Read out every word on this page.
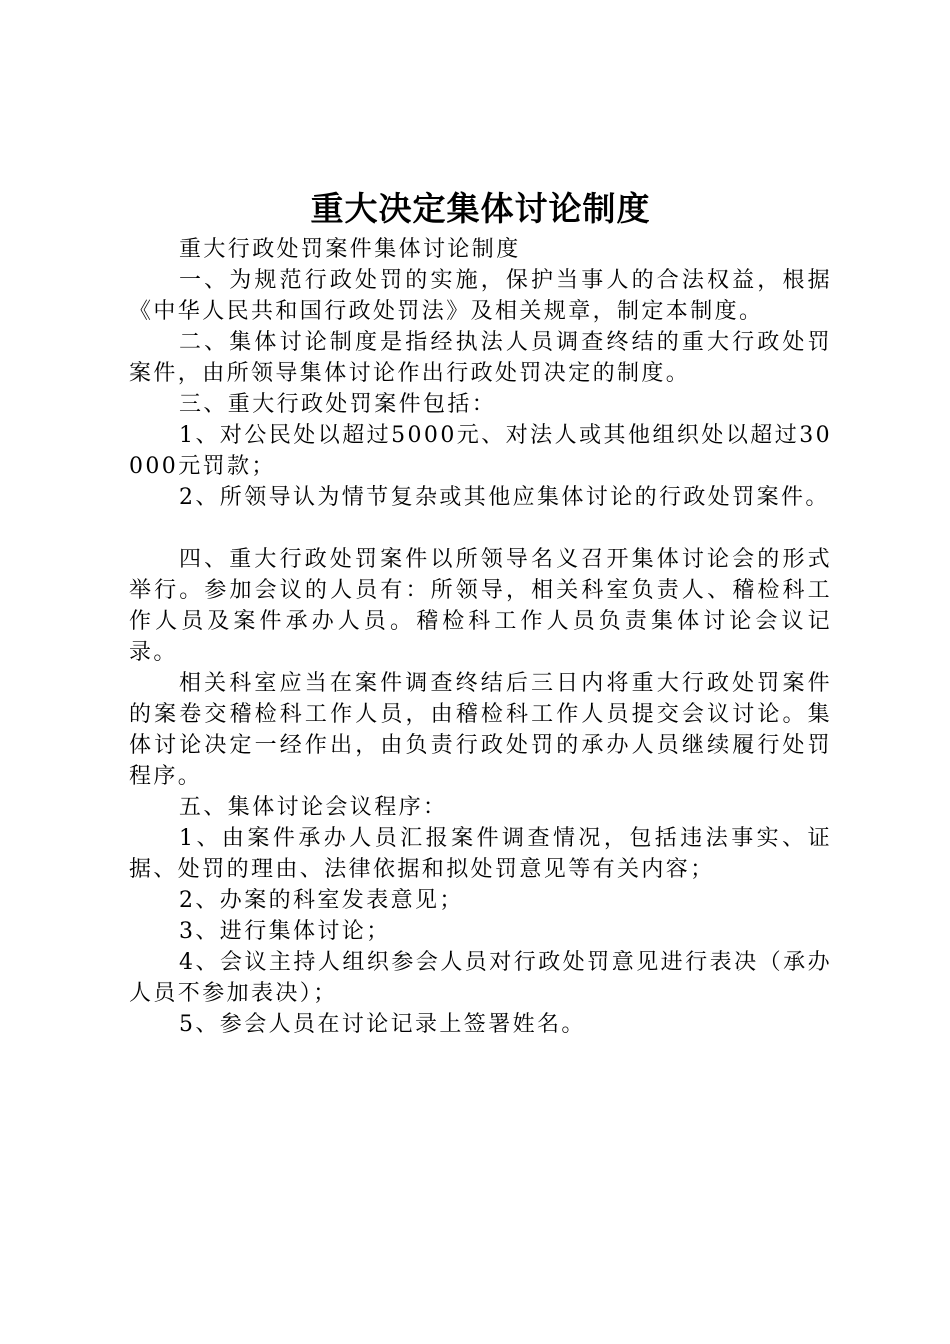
重大决定集体讨论制度

重大行政处罚案件集体讨论制度

一、为规范行政处罚的实施，保护当事人的合法权益，根据《中华人民共和国行政处罚法》及相关规章，制定本制度。

二、集体讨论制度是指经执法人员调查终结的重大行政处罚案件，由所领导集体讨论作出行政处罚决定的制度。

三、重大行政处罚案件包括：

1、对公民处以超过5000元、对法人或其他组织处以超过30000元罚款；

2、所领导认为情节复杂或其他应集体讨论的行政处罚案件。

四、重大行政处罚案件以所领导名义召开集体讨论会的形式举行。参加会议的人员有：所领导，相关科室负责人、稽检科工作人员及案件承办人员。稽检科工作人员负责集体讨论会议记录。

相关科室应当在案件调查终结后三日内将重大行政处罚案件的案卷交稽检科工作人员，由稽检科工作人员提交会议讨论。集体讨论决定一经作出，由负责行政处罚的承办人员继续履行处罚程序。

五、集体讨论会议程序：

1、由案件承办人员汇报案件调查情况，包括违法事实、证据、处罚的理由、法律依据和拟处罚意见等有关内容；

2、办案的科室发表意见；

3、进行集体讨论；

4、会议主持人组织参会人员对行政处罚意见进行表决（承办人员不参加表决）；

5、参会人员在讨论记录上签署姓名。
